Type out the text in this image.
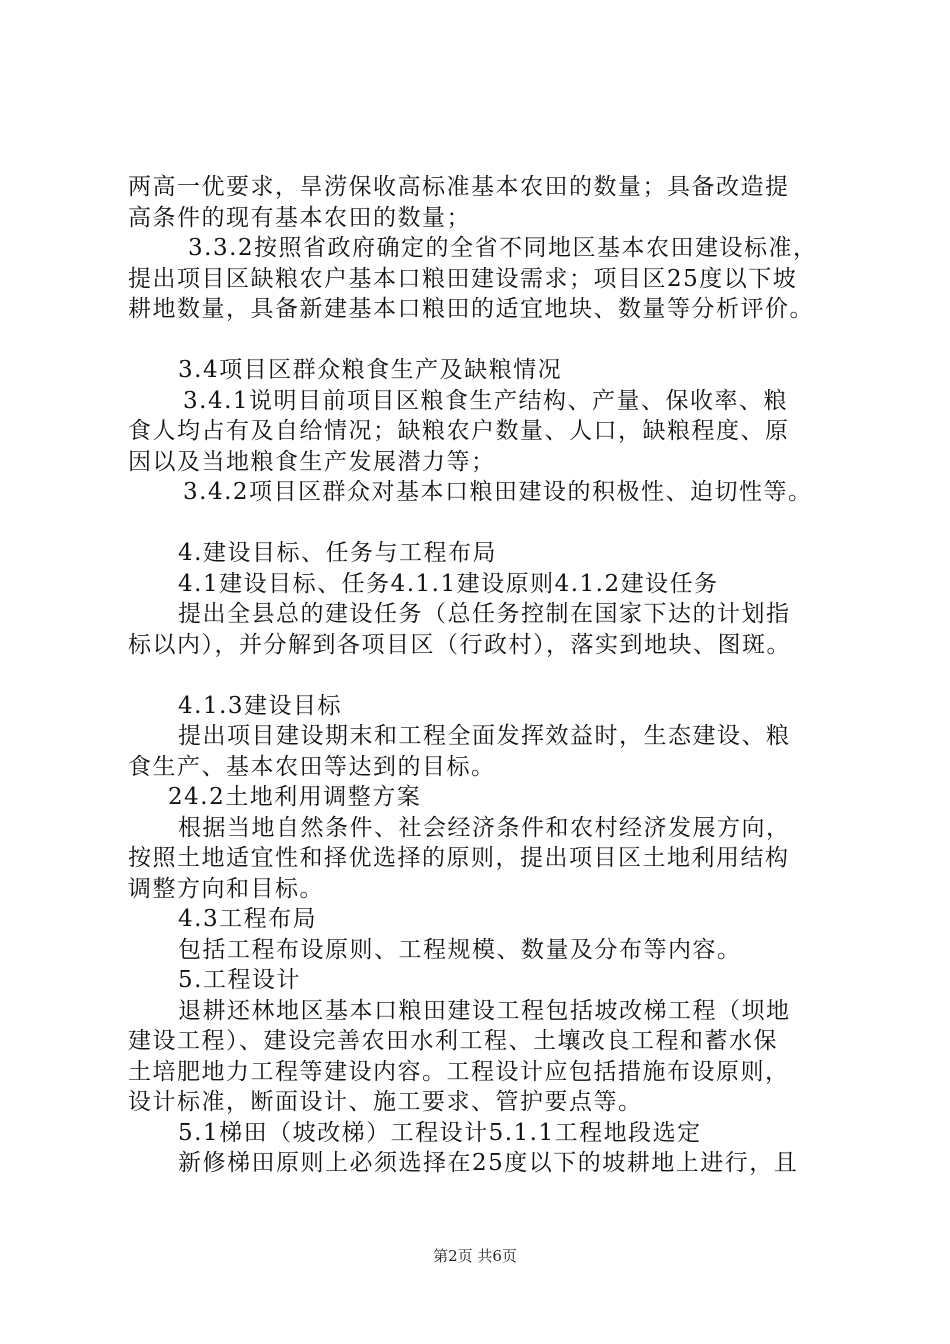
两高一优要求，旱涝保收高标准基本农田的数量；具备改造提
高条件的现有基本农田的数量；
3.3.2按照省政府确定的全省不同地区基本农田建设标准，
提出项目区缺粮农户基本口粮田建设需求；项目区25度以下坡
耕地数量，具备新建基本口粮田的适宜地块、数量等分析评价。
3.4项目区群众粮食生产及缺粮情况
3.4.1说明目前项目区粮食生产结构、产量、保收率、粮
食人均占有及自给情况；缺粮农户数量、人口，缺粮程度、原
因以及当地粮食生产发展潜力等；
3.4.2项目区群众对基本口粮田建设的积极性、迫切性等。
4.建设目标、任务与工程布局
4.1建设目标、任务4.1.1建设原则4.1.2建设任务
提出全县总的建设任务（总任务控制在国家下达的计划指
标以内），并分解到各项目区（行政村），落实到地块、图斑。
4.1.3建设目标
提出项目建设期末和工程全面发挥效益时，生态建设、粮
食生产、基本农田等达到的目标。
24.2土地利用调整方案
根据当地自然条件、社会经济条件和农村经济发展方向，
按照土地适宜性和择优选择的原则，提出项目区土地利用结构
调整方向和目标。
4.3工程布局
包括工程布设原则、工程规模、数量及分布等内容。
5.工程设计
退耕还林地区基本口粮田建设工程包括坡改梯工程（坝地
建设工程）、建设完善农田水利工程、土壤改良工程和蓄水保
土培肥地力工程等建设内容。工程设计应包括措施布设原则，
设计标准，断面设计、施工要求、管护要点等。
5.1梯田（坡改梯）工程设计5.1.1工程地段选定
新修梯田原则上必须选择在25度以下的坡耕地上进行，且
第2页 共6页
